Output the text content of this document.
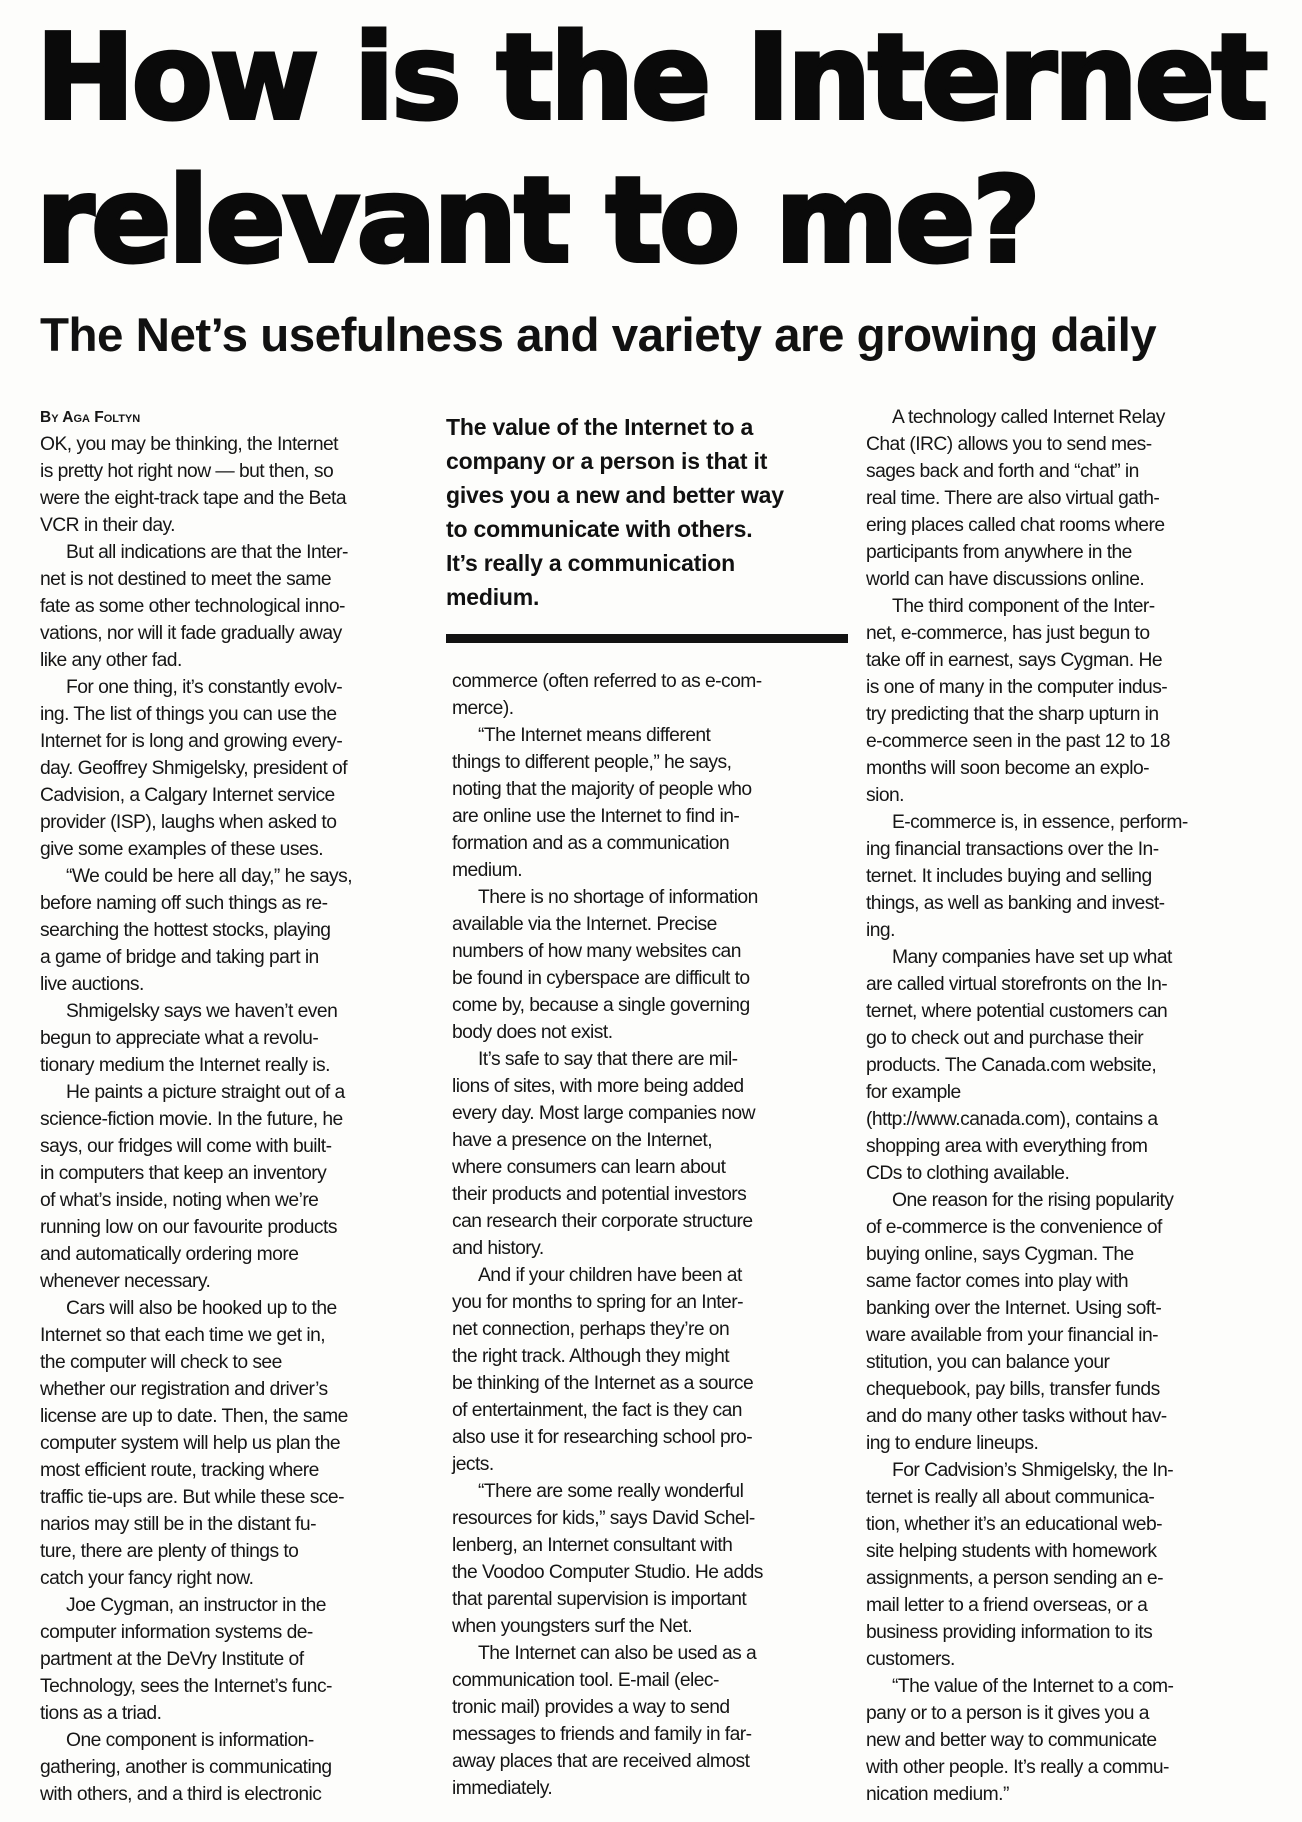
How is the Internet
relevant to me?
The Net’s usefulness and variety are growing daily
By Aga Foltyn
OK, you may be thinking, the Internet
is pretty hot right now — but then, so
were the eight-track tape and the Beta
VCR in their day.
But all indications are that the Inter-
net is not destined to meet the same
fate as some other technological inno-
vations, nor will it fade gradually away
like any other fad.
For one thing, it’s constantly evolv-
ing. The list of things you can use the
Internet for is long and growing every-
day. Geoffrey Shmigelsky, president of
Cadvision, a Calgary Internet service
provider (ISP), laughs when asked to
give some examples of these uses.
“We could be here all day,” he says,
before naming off such things as re-
searching the hottest stocks, playing
a game of bridge and taking part in
live auctions.
Shmigelsky says we haven’t even
begun to appreciate what a revolu-
tionary medium the Internet really is.
He paints a picture straight out of a
science-fiction movie. In the future, he
says, our fridges will come with built-
in computers that keep an inventory
of what’s inside, noting when we’re
running low on our favourite products
and automatically ordering more
whenever necessary.
Cars will also be hooked up to the
Internet so that each time we get in,
the computer will check to see
whether our registration and driver’s
license are up to date. Then, the same
computer system will help us plan the
most efficient route, tracking where
traffic tie-ups are. But while these sce-
narios may still be in the distant fu-
ture, there are plenty of things to
catch your fancy right now.
Joe Cygman, an instructor in the
computer information systems de-
partment at the DeVry Institute of
Technology, sees the Internet’s func-
tions as a triad.
One component is information-
gathering, another is communicating
with others, and a third is electronic
The value of the Internet to a
company or a person is that it
gives you a new and better way
to communicate with others.
It’s really a communication
medium.
commerce (often referred to as e-com-
merce).
“The Internet means different
things to different people,” he says,
noting that the majority of people who
are online use the Internet to find in-
formation and as a communication
medium.
There is no shortage of information
available via the Internet. Precise
numbers of how many websites can
be found in cyberspace are difficult to
come by, because a single governing
body does not exist.
It’s safe to say that there are mil-
lions of sites, with more being added
every day. Most large companies now
have a presence on the Internet,
where consumers can learn about
their products and potential investors
can research their corporate structure
and history.
And if your children have been at
you for months to spring for an Inter-
net connection, perhaps they’re on
the right track. Although they might
be thinking of the Internet as a source
of entertainment, the fact is they can
also use it for researching school pro-
jects.
“There are some really wonderful
resources for kids,” says David Schel-
lenberg, an Internet consultant with
the Voodoo Computer Studio. He adds
that parental supervision is important
when youngsters surf the Net.
The Internet can also be used as a
communication tool. E-mail (elec-
tronic mail) provides a way to send
messages to friends and family in far-
away places that are received almost
immediately.
A technology called Internet Relay
Chat (IRC) allows you to send mes-
sages back and forth and “chat” in
real time. There are also virtual gath-
ering places called chat rooms where
participants from anywhere in the
world can have discussions online.
The third component of the Inter-
net, e-commerce, has just begun to
take off in earnest, says Cygman. He
is one of many in the computer indus-
try predicting that the sharp upturn in
e-commerce seen in the past 12 to 18
months will soon become an explo-
sion.
E-commerce is, in essence, perform-
ing financial transactions over the In-
ternet. It includes buying and selling
things, as well as banking and invest-
ing.
Many companies have set up what
are called virtual storefronts on the In-
ternet, where potential customers can
go to check out and purchase their
products. The Canada.com website,
for example
(http://www.canada.com), contains a
shopping area with everything from
CDs to clothing available.
One reason for the rising popularity
of e-commerce is the convenience of
buying online, says Cygman. The
same factor comes into play with
banking over the Internet. Using soft-
ware available from your financial in-
stitution, you can balance your
chequebook, pay bills, transfer funds
and do many other tasks without hav-
ing to endure lineups.
For Cadvision’s Shmigelsky, the In-
ternet is really all about communica-
tion, whether it’s an educational web-
site helping students with homework
assignments, a person sending an e-
mail letter to a friend overseas, or a
business providing information to its
customers.
“The value of the Internet to a com-
pany or to a person is it gives you a
new and better way to communicate
with other people. It’s really a commu-
nication medium.”
